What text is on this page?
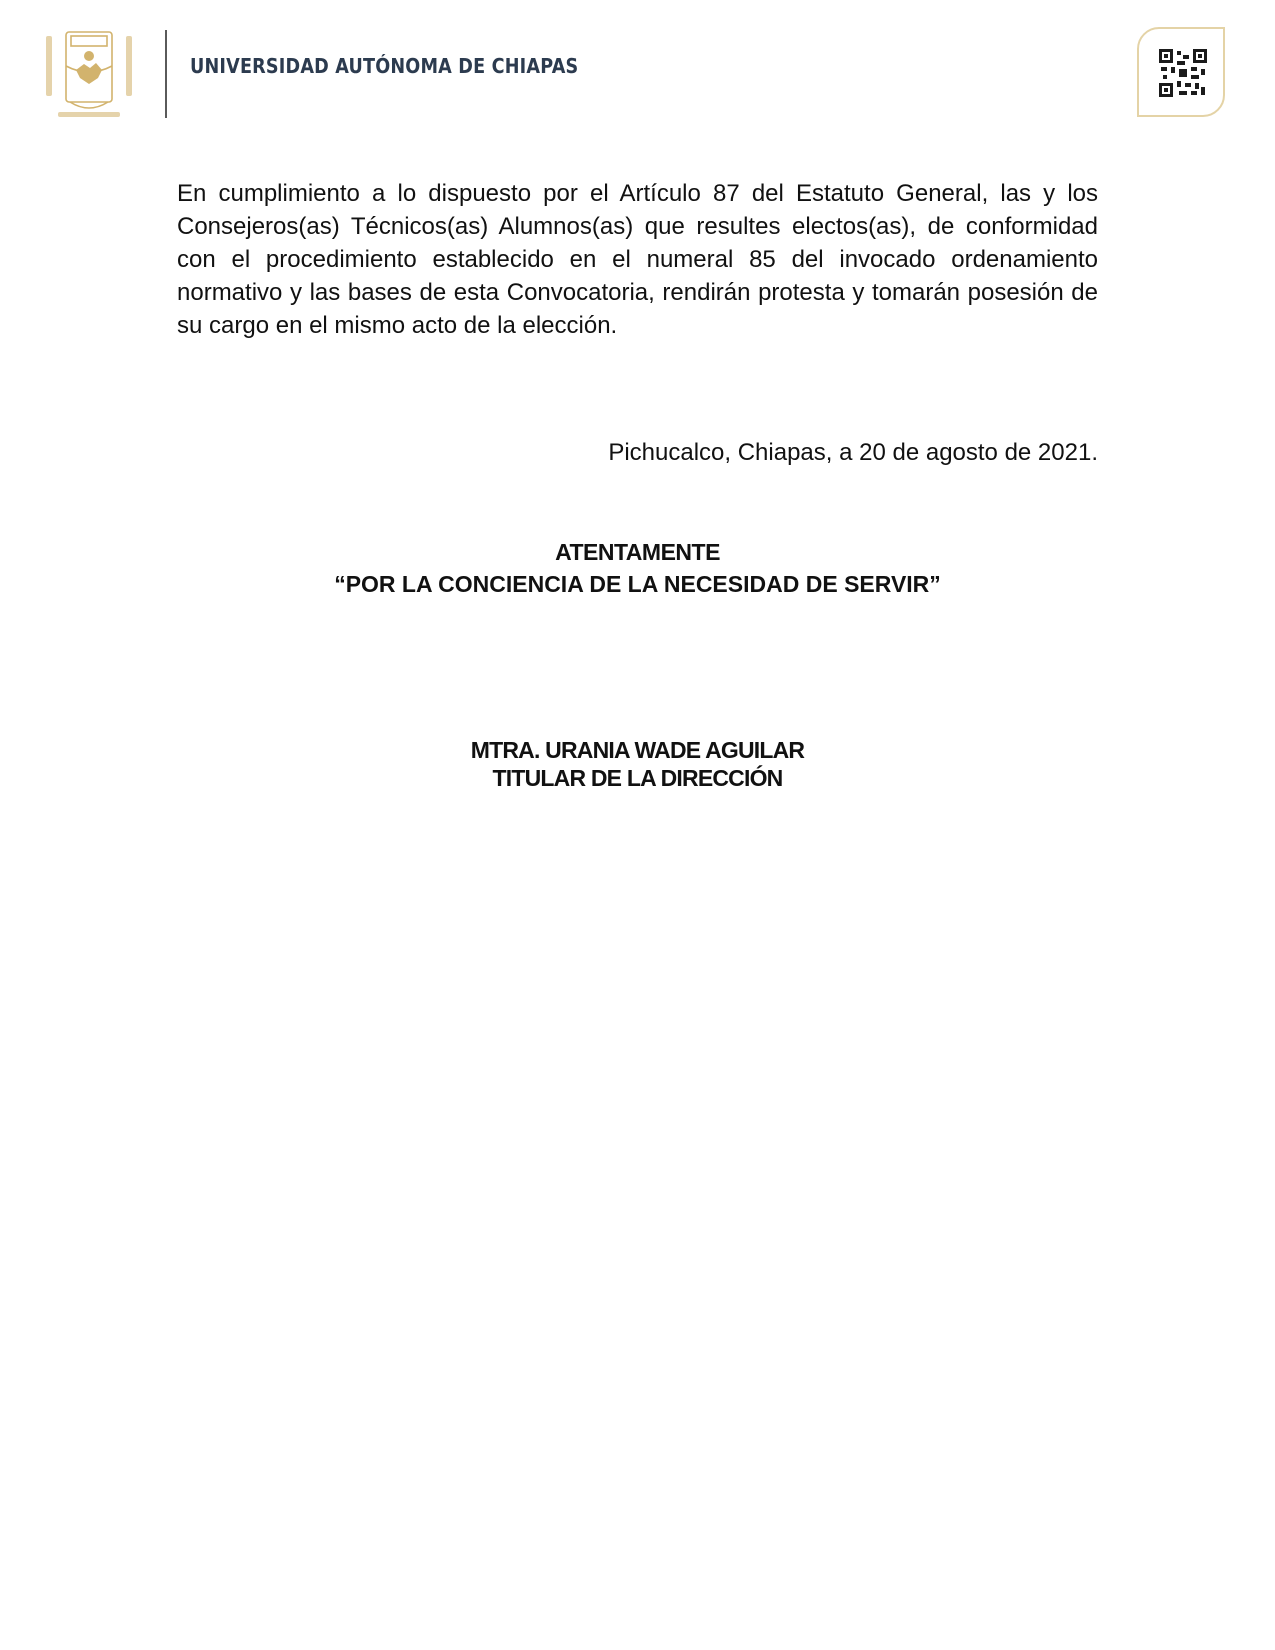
UNIVERSIDAD AUTÓNOMA DE CHIAPAS

En cumplimiento a lo dispuesto por el Artículo 87 del Estatuto General, las y los Consejeros(as) Técnicos(as) Alumnos(as) que resultes electos(as), de conformidad con el procedimiento establecido en el numeral 85 del invocado ordenamiento normativo y las bases de esta Convocatoria, rendirán protesta y tomarán posesión de su cargo en el mismo acto de la elección.

Pichucalco, Chiapas, a 20 de agosto de 2021.
ATENTAMENTE
“POR LA CONCIENCIA DE LA NECESIDAD DE SERVIR”
MTRA. URANIA WADE AGUILAR
TITULAR DE LA DIRECCIÓN
